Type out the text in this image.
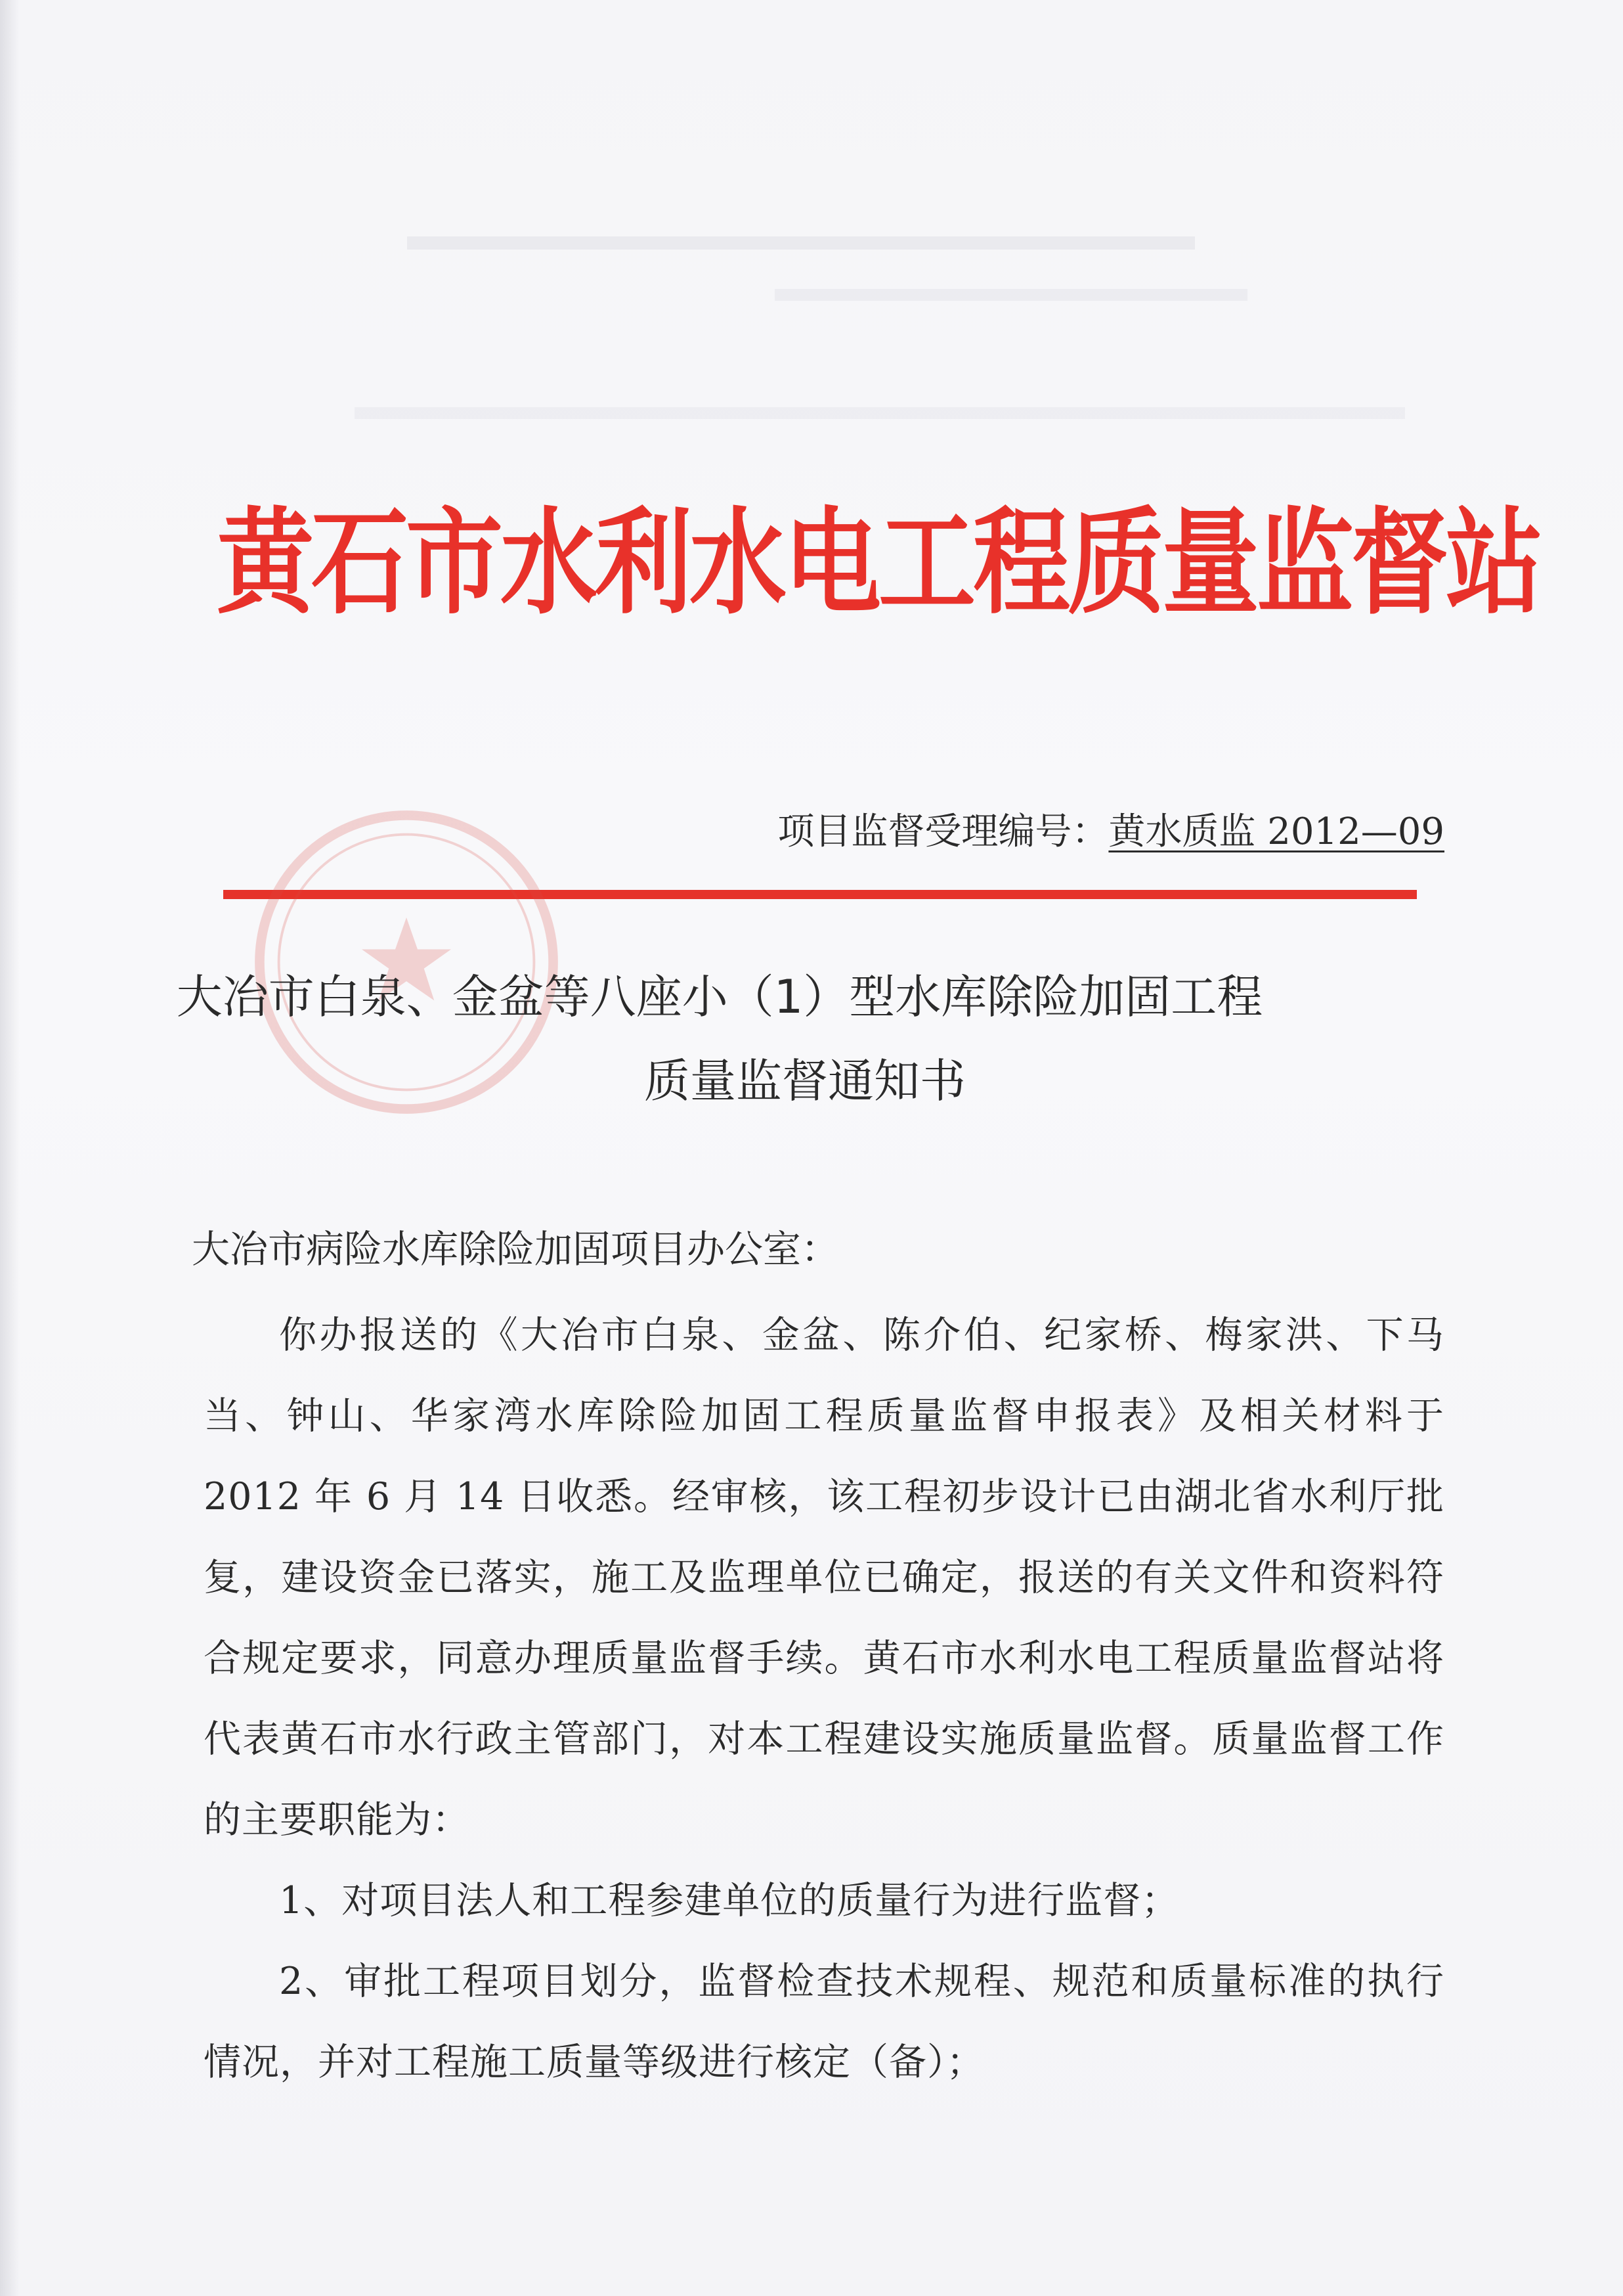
黄石市水利水电工程质量监督站
项目监督受理编号：黄水质监 2012—09
大冶市白泉、金盆等八座小（1）型水库除险加固工程
质量监督通知书
大冶市病险水库除险加固项目办公室：

你办报送的《大冶市白泉、金盆、陈介伯、纪家桥、梅家洪、下马当、钟山、华家湾水库除险加固工程质量监督申报表》及相关材料于 2012 年 6 月 14 日收悉。经审核，该工程初步设计已由湖北省水利厅批复，建设资金已落实，施工及监理单位已确定，报送的有关文件和资料符合规定要求，同意办理质量监督手续。黄石市水利水电工程质量监督站将代表黄石市水行政主管部门，对本工程建设实施质量监督。质量监督工作的主要职能为：

1、对项目法人和工程参建单位的质量行为进行监督；

2、审批工程项目划分，监督检查技术规程、规范和质量标准的执行情况，并对工程施工质量等级进行核定（备）；
